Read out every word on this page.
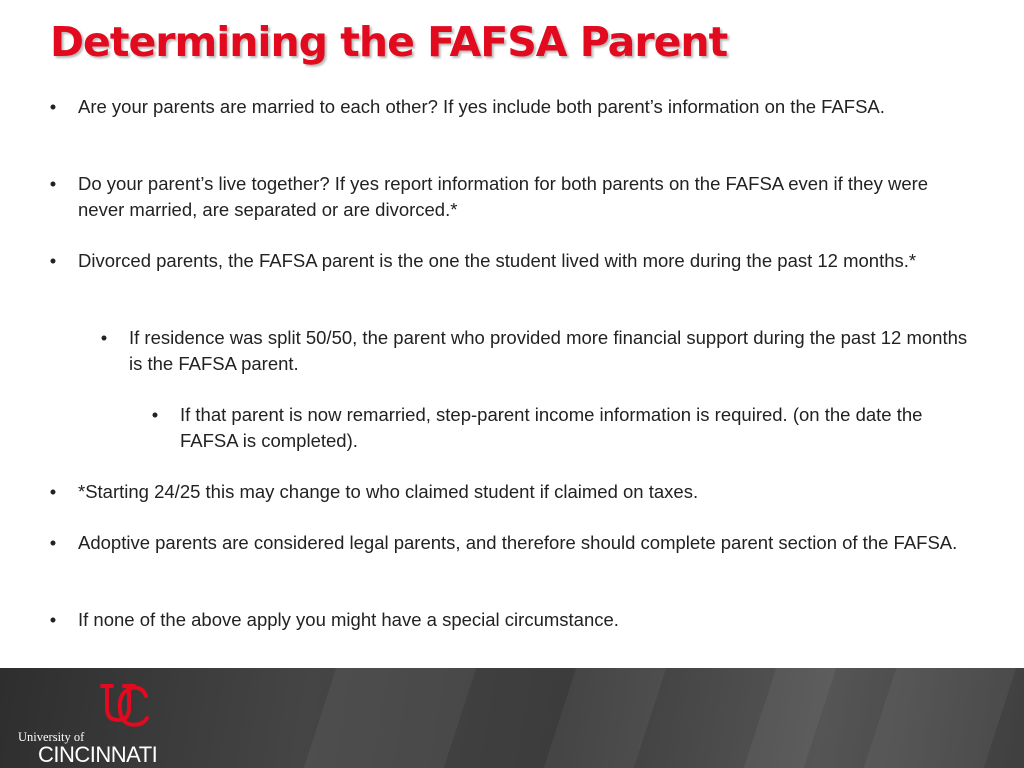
Determining the FAFSA Parent

• Are your parents are married to each other? If yes include both parent’s information on the FAFSA.

• Do your parent’s live together? If yes report information for both parents on the FAFSA even if they were never married, are separated or are divorced.*

• Divorced parents, the FAFSA parent is the one the student lived with more during the past 12 months.*

• If residence was split 50/50, the parent who provided more financial support during the past 12 months is the FAFSA parent.

• If that parent is now remarried, step-parent income information is required. (on the date the FAFSA is completed).

• *Starting 24/25 this may change to who claimed student if claimed on taxes.

• Adoptive parents are considered legal parents, and therefore should complete parent section of the FAFSA.

• If none of the above apply you might have a special circumstance.

University of
CINCINNATI
